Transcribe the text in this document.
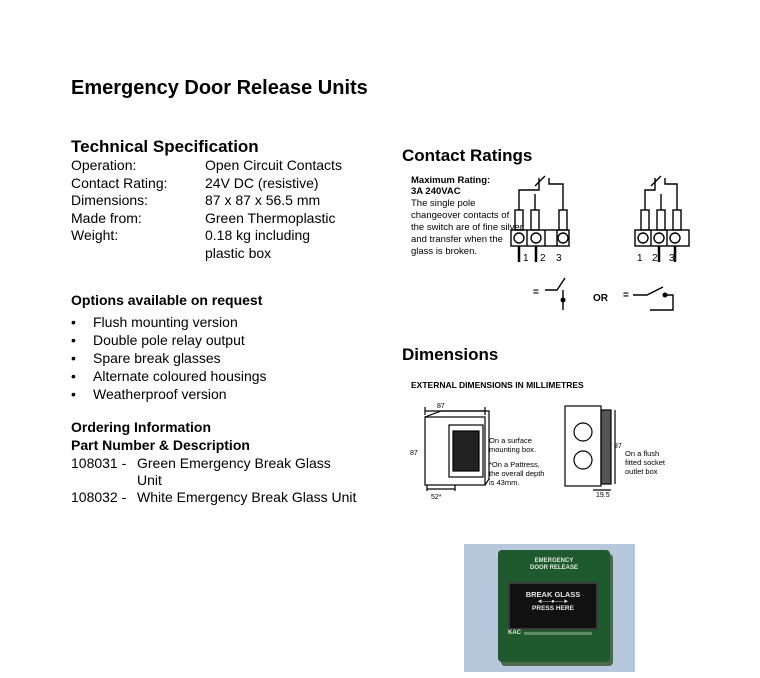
Emergency Door Release Units
Technical Specification
Operation:	Open Circuit Contacts
Contact Rating:	24V DC (resistive)
Dimensions:	87 x 87 x 56.5 mm
Made from:	Green Thermoplastic
Weight:	0.18 kg including plastic box
Options available on request
• Flush mounting version
• Double pole relay output
• Spare break glasses
• Alternate coloured housings
• Weatherproof version
Ordering Information
Part Number & Description
108031 - Green Emergency Break Glass Unit
108032 - White Emergency Break Glass Unit
Contact Ratings
Maximum Rating:
3A 240VAC
The single pole changeover contacts of the switch are of fine silver and transfer when the glass is broken.
1 2 3	1 2 3
=
OR =
Dimensions
EXTERNAL DIMENSIONS IN MILLIMETRES
87
87
52*
On a surface mounting box.
*On a Pattress, the overall depth is 43mm.
87
19.5
On a flush fitted socket outlet box
EMERGENCY
DOOR RELEASE
BREAK GLASS
◄──●──►
PRESS HERE
KAC
